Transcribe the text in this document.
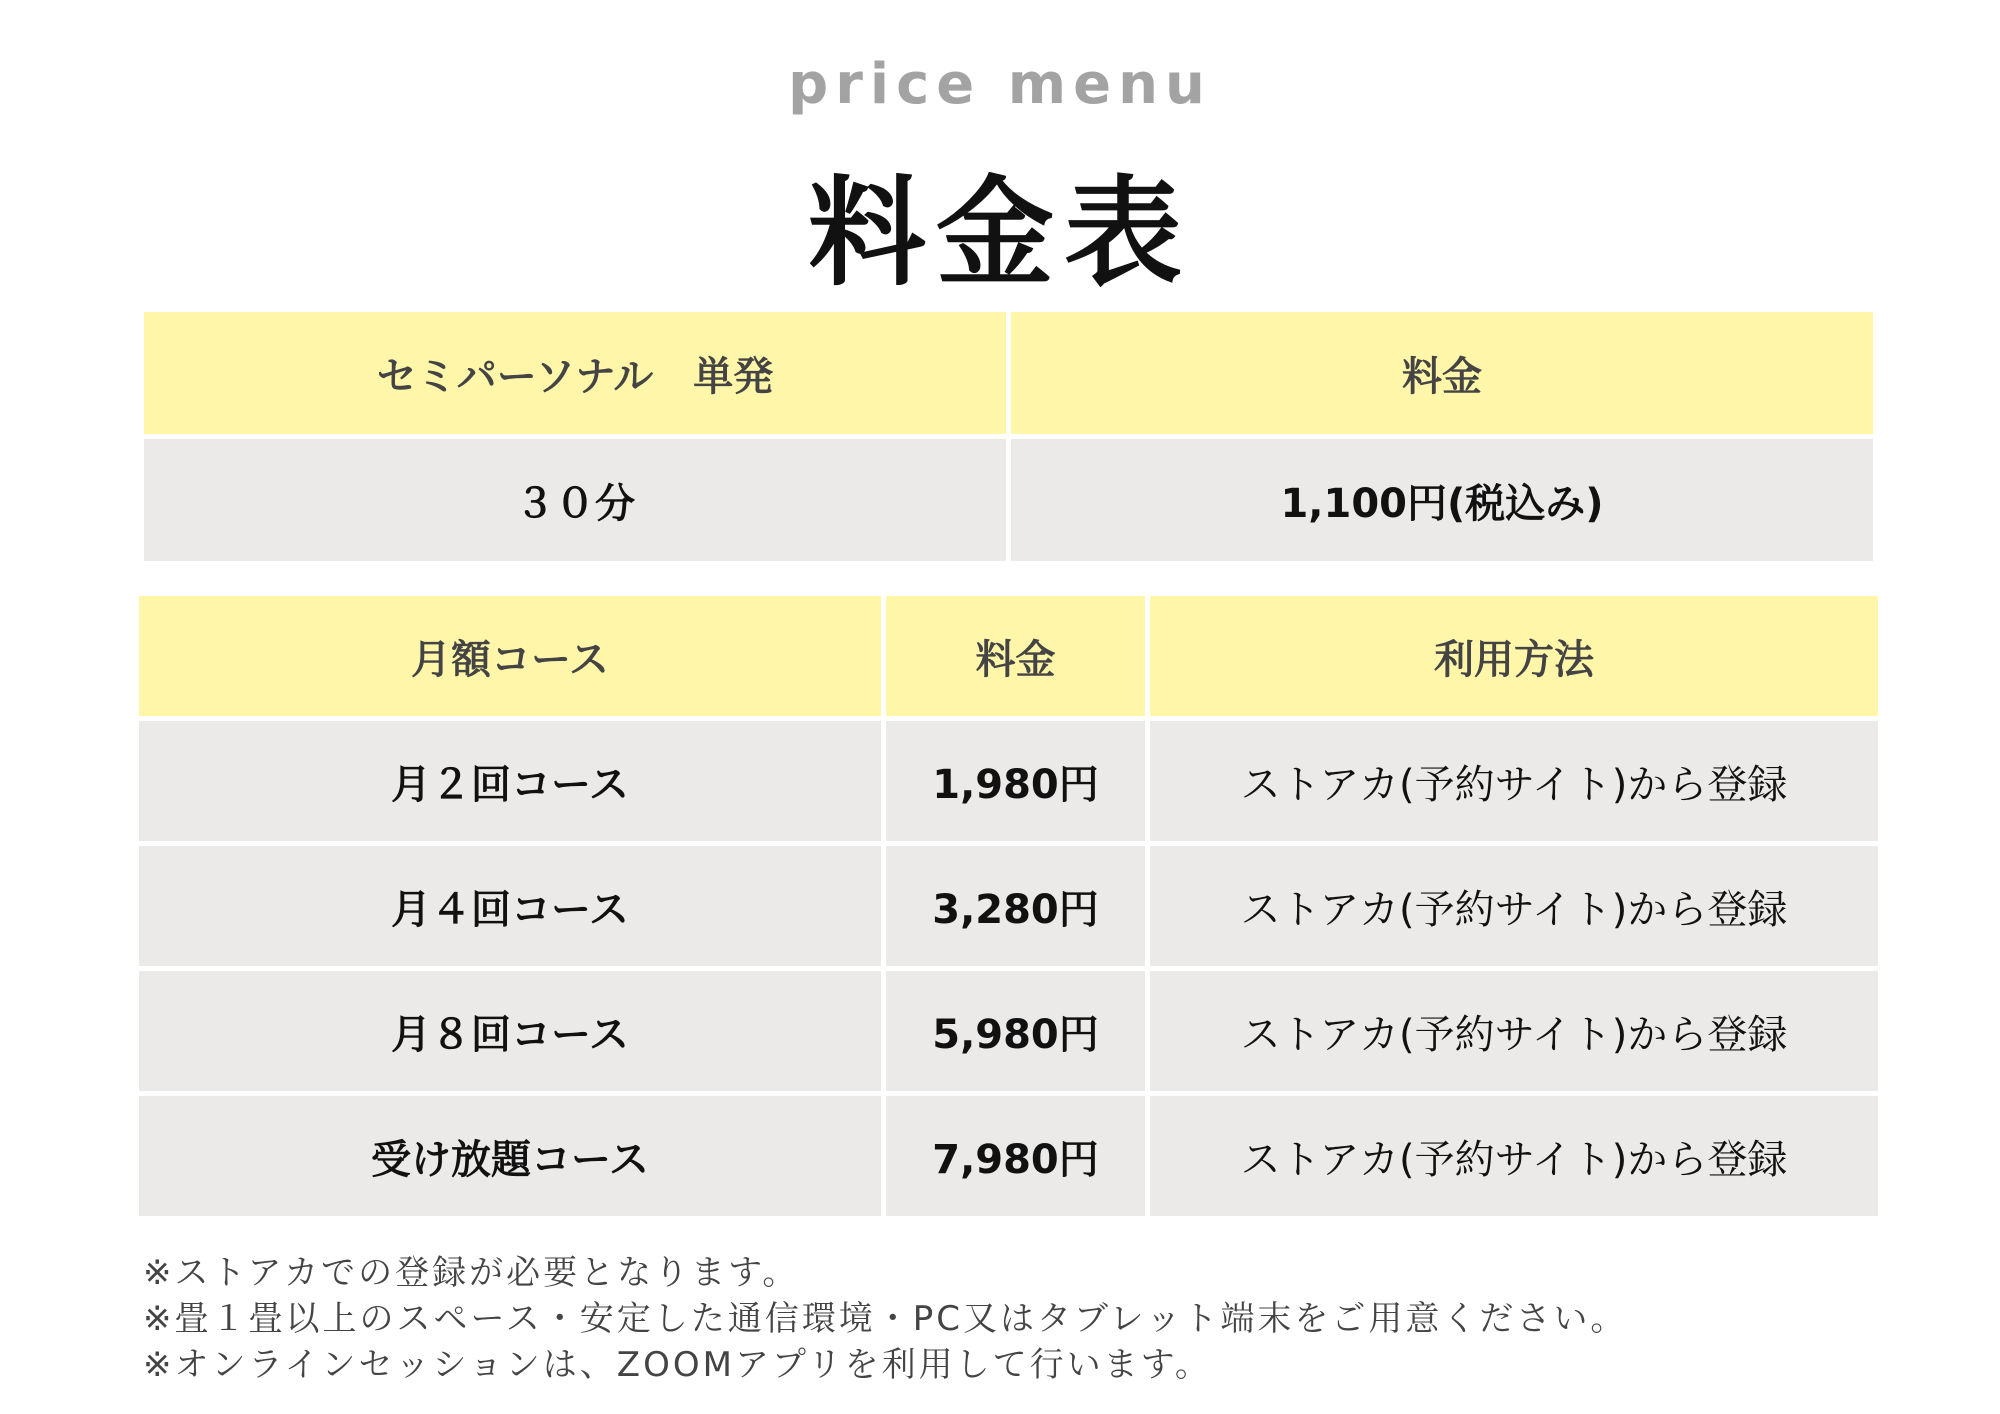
price menu
料金表
セミパーソナル　単発	料金
３０分	1,100円(税込み)
月額コース	料金	利用方法
月２回コース	1,980円	ストアカ(予約サイト)から登録
月４回コース	3,280円	ストアカ(予約サイト)から登録
月８回コース	5,980円	ストアカ(予約サイト)から登録
受け放題コース	7,980円	ストアカ(予約サイト)から登録
※ストアカでの登録が必要となります。
※畳１畳以上のスペース・安定した通信環境・PC又はタブレット端末をご用意ください。
※オンラインセッションは、ZOOMアプリを利用して行います。
